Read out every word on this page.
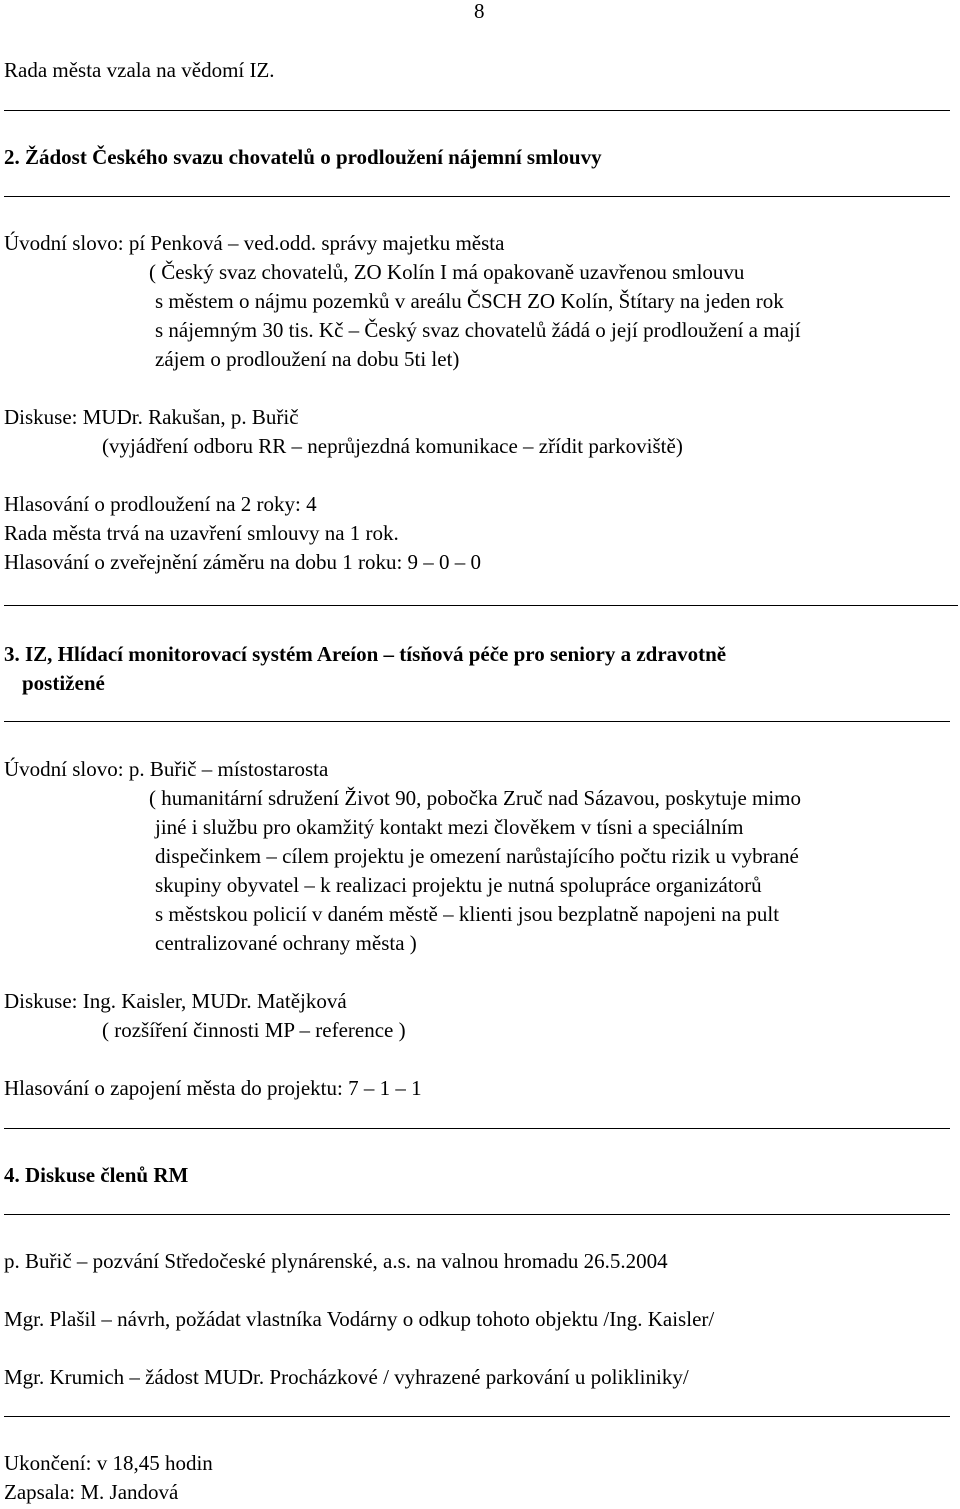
8
Rada města vzala na vědomí IZ.
2. Žádost Českého svazu chovatelů o prodloužení nájemní smlouvy
Úvodní slovo: pí Penková – ved.odd. správy majetku města
( Český svaz chovatelů, ZO Kolín I má opakovaně uzavřenou smlouvu
s městem o nájmu pozemků v areálu ČSCH ZO Kolín, Štítary na jeden rok
s nájemným 30 tis. Kč – Český svaz chovatelů žádá o její prodloužení a mají
zájem o prodloužení na dobu 5ti let)
Diskuse: MUDr. Rakušan, p. Buřič
(vyjádření odboru RR – neprůjezdná komunikace – zřídit parkoviště)
Hlasování o prodloužení na 2 roky: 4
Rada města trvá na uzavření smlouvy na 1 rok.
Hlasování o zveřejnění záměru na dobu 1 roku: 9 – 0 – 0
3. IZ, Hlídací monitorovací systém Areíon – tísňová péče pro seniory a zdravotně
postižené
Úvodní slovo: p. Buřič – místostarosta
( humanitární sdružení Život 90, pobočka Zruč nad Sázavou, poskytuje mimo
jiné i službu pro okamžitý kontakt mezi člověkem v tísni a speciálním
dispečinkem – cílem projektu je omezení narůstajícího počtu rizik u vybrané
skupiny obyvatel – k realizaci projektu je nutná spolupráce organizátorů
s městskou policií v daném městě – klienti jsou bezplatně napojeni na pult
centralizované ochrany města )
Diskuse: Ing. Kaisler, MUDr. Matějková
( rozšíření činnosti MP – reference )
Hlasování o zapojení města do projektu: 7 – 1 – 1
4. Diskuse členů RM
p. Buřič – pozvání Středočeské plynárenské, a.s. na valnou hromadu 26.5.2004
Mgr. Plašil – návrh, požádat vlastníka Vodárny o odkup tohoto objektu /Ing. Kaisler/
Mgr. Krumich – žádost MUDr. Procházkové / vyhrazené parkování u polikliniky/
Ukončení: v 18,45 hodin
Zapsala: M. Jandová
